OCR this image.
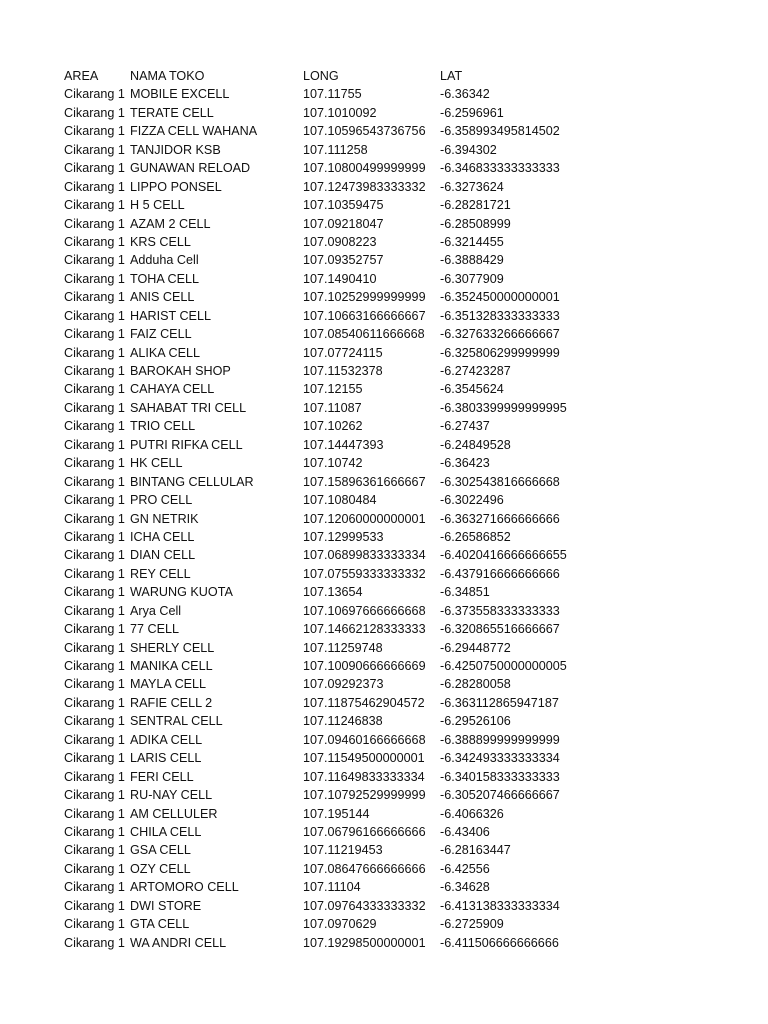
AREA	NAMA TOKO	LONG	LAT
Cikarang 1 MOBILE EXCELL	107.11755	-6.36342
Cikarang 1 TERATE CELL	107.1010092	-6.2596961
Cikarang 1 FIZZA CELL WAHANA	107.10596543736756 -6.358993495814502
Cikarang 1 TANJIDOR KSB	107.111258	-6.394302
Cikarang 1 GUNAWAN RELOAD	107.10800499999999 -6.346833333333333
Cikarang 1 LIPPO PONSEL	107.12473983333332 -6.3273624
Cikarang 1 H 5 CELL	107.10359475	-6.28281721
Cikarang 1 AZAM 2 CELL	107.09218047	-6.28508999
Cikarang 1 KRS CELL	107.0908223	-6.3214455
Cikarang 1 Adduha Cell	107.09352757	-6.3888429
Cikarang 1 TOHA CELL	107.1490410	-6.3077909
Cikarang 1 ANIS CELL	107.10252999999999 -6.352450000000001
Cikarang 1 HARIST CELL	107.10663166666667 -6.351328333333333
Cikarang 1 FAIZ CELL	107.08540611666668 -6.327633266666667
Cikarang 1 ALIKA CELL	107.07724115	-6.325806299999999
Cikarang 1 BAROKAH SHOP	107.11532378	-6.27423287
Cikarang 1 CAHAYA CELL	107.12155	-6.3545624
Cikarang 1 SAHABAT TRI CELL	107.11087	-6.3803399999999995
Cikarang 1 TRIO CELL	107.10262	-6.27437
Cikarang 1 PUTRI RIFKA CELL	107.14447393	-6.24849528
Cikarang 1 HK CELL	107.10742	-6.36423
Cikarang 1 BINTANG CELLULAR	107.15896361666667 -6.302543816666668
Cikarang 1 PRO CELL	107.1080484	-6.3022496
Cikarang 1 GN NETRIK	107.12060000000001 -6.363271666666666
Cikarang 1 ICHA CELL	107.12999533	-6.26586852
Cikarang 1 DIAN CELL	107.06899833333334 -6.4020416666666655
Cikarang 1 REY CELL	107.07559333333332 -6.437916666666666
Cikarang 1 WARUNG KUOTA	107.13654	-6.34851
Cikarang 1 Arya Cell	107.10697666666668 -6.373558333333333
Cikarang 1 77 CELL	107.14662128333333 -6.320865516666667
Cikarang 1 SHERLY CELL	107.11259748	-6.29448772
Cikarang 1 MANIKA CELL	107.10090666666669 -6.4250750000000005
Cikarang 1 MAYLA CELL	107.09292373	-6.28280058
Cikarang 1 RAFIE CELL 2	107.11875462904572 -6.363112865947187
Cikarang 1 SENTRAL CELL	107.11246838	-6.29526106
Cikarang 1 ADIKA CELL	107.09460166666668 -6.388899999999999
Cikarang 1 LARIS CELL	107.11549500000001 -6.342493333333334
Cikarang 1 FERI CELL	107.11649833333334 -6.340158333333333
Cikarang 1 RU-NAY CELL	107.10792529999999 -6.305207466666667
Cikarang 1 AM CELLULER	107.195144	-6.4066326
Cikarang 1 CHILA CELL	107.06796166666666 -6.43406
Cikarang 1 GSA CELL	107.11219453	-6.28163447
Cikarang 1 OZY CELL	107.08647666666666 -6.42556
Cikarang 1 ARTOMORO CELL	107.11104	-6.34628
Cikarang 1 DWI STORE	107.09764333333332 -6.413138333333334
Cikarang 1 GTA CELL	107.0970629	-6.2725909
Cikarang 1 WA ANDRI CELL	107.19298500000001 -6.411506666666666
